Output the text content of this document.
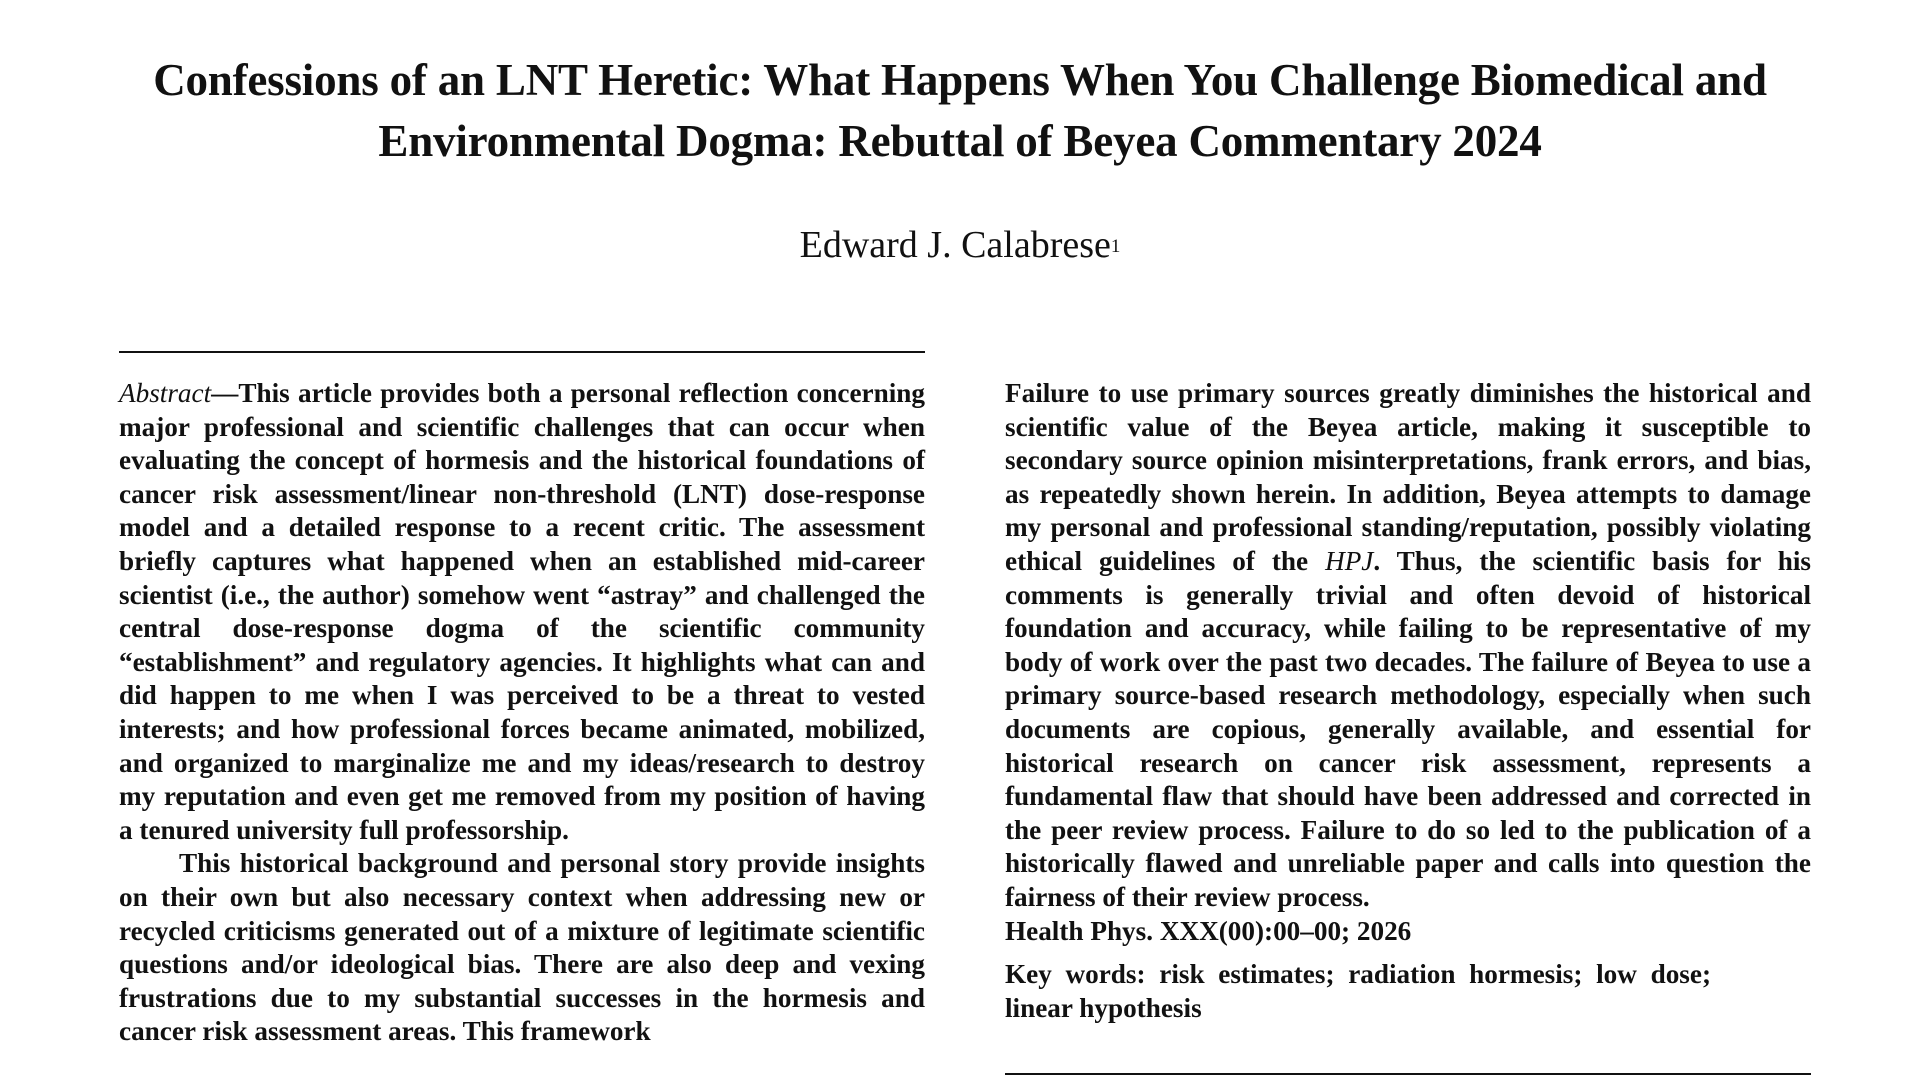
Confessions of an LNT Heretic: What Happens When You Challenge Biomedical and Environmental Dogma: Rebuttal of Beyea Commentary 2024

Edward J. Calabrese$^1$

Abstract—This article provides both a personal reflection concerning major professional and scientific challenges that can occur when evaluating the concept of hormesis and the historical foundations of cancer risk assessment/linear non-threshold (LNT) dose-response model and a detailed response to a recent critic. The assessment briefly captures what happened when an established mid-career scientist (i.e., the author) somehow went “astray” and challenged the central dose-response dogma of the scientific community “establishment” and regulatory agencies. It highlights what can and did happen to me when I was perceived to be a threat to vested interests; and how professional forces became animated, mobilized, and organized to marginalize me and my ideas/research to destroy my reputation and even get me removed from my position of having a tenured university full professorship.

This historical background and personal story provide insights on their own but also necessary context when addressing new or recycled criticisms generated out of a mixture of legitimate scientific questions and/or ideological bias. There are also deep and vexing frustrations due to my substantial successes in the hormesis and cancer risk assessment areas. This framework

Failure to use primary sources greatly diminishes the historical and scientific value of the Beyea article, making it susceptible to secondary source opinion misinterpretations, frank errors, and bias, as repeatedly shown herein. In addition, Beyea attempts to damage my personal and professional standing/reputation, possibly violating ethical guidelines of the HPJ. Thus, the scientific basis for his comments is generally trivial and often devoid of historical foundation and accuracy, while failing to be representative of my body of work over the past two decades. The failure of Beyea to use a primary source-based research methodology, especially when such documents are copious, generally available, and essential for historical research on cancer risk assessment, represents a fundamental flaw that should have been addressed and corrected in the peer review process. Failure to do so led to the publication of a historically flawed and unreliable paper and calls into question the fairness of their review process.

Health Phys. XXX(00):00–00; 2026

Key words: risk estimates; radiation hormesis; low dose; linear hypothesis
